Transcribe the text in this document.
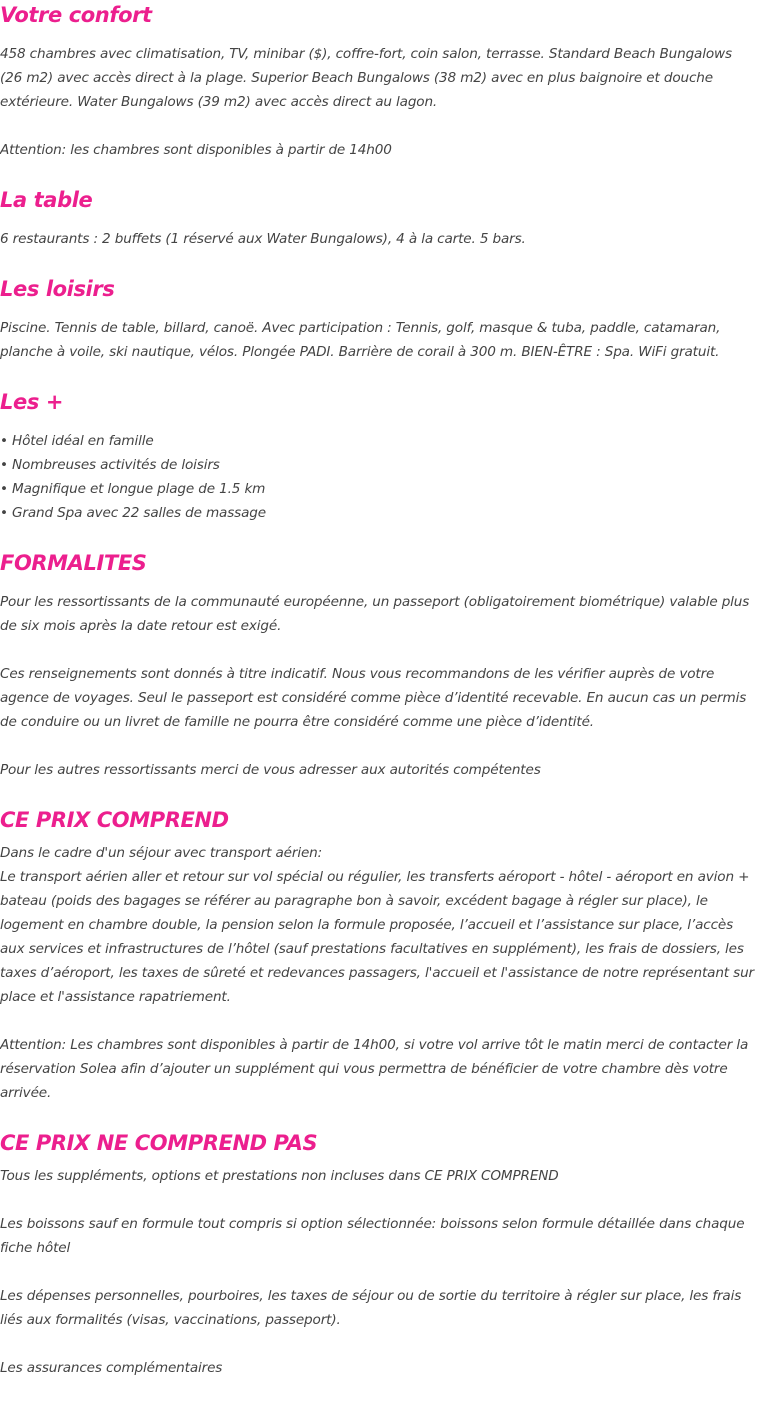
Votre confort

458 chambres avec climatisation, TV, minibar ($), coffre-fort, coin salon, terrasse. Standard Beach Bungalows (26 m2) avec accès direct à la plage. Superior Beach Bungalows (38 m2) avec en plus baignoire et douche extérieure. Water Bungalows (39 m2) avec accès direct au lagon.

Attention: les chambres sont disponibles à partir de 14h00

La table

6 restaurants : 2 buffets (1 réservé aux Water Bungalows), 4 à la carte. 5 bars.

Les loisirs

Piscine. Tennis de table, billard, canoë. Avec participation : Tennis, golf, masque & tuba, paddle, catamaran, planche à voile, ski nautique, vélos. Plongée PADI. Barrière de corail à 300 m. BIEN-ÊTRE : Spa. WiFi gratuit.

Les +

• Hôtel idéal en famille
• Nombreuses activités de loisirs
• Magnifique et longue plage de 1.5 km
• Grand Spa avec 22 salles de massage

FORMALITES

Pour les ressortissants de la communauté européenne, un passeport (obligatoirement biométrique) valable plus de six mois après la date retour est exigé.

Ces renseignements sont donnés à titre indicatif. Nous vous recommandons de les vérifier auprès de votre agence de voyages. Seul le passeport est considéré comme pièce d’identité recevable. En aucun cas un permis de conduire ou un livret de famille ne pourra être considéré comme une pièce d’identité.

Pour les autres ressortissants merci de vous adresser aux autorités compétentes

CE PRIX COMPREND

Dans le cadre d'un séjour avec transport aérien:
Le transport aérien aller et retour sur vol spécial ou régulier, les transferts aéroport - hôtel - aéroport en avion + bateau (poids des bagages se référer au paragraphe bon à savoir, excédent bagage à régler sur place), le logement en chambre double, la pension selon la formule proposée, l’accueil et l’assistance sur place, l’accès aux services et infrastructures de l’hôtel (sauf prestations facultatives en supplément), les frais de dossiers, les taxes d’aéroport, les taxes de sûreté et redevances passagers, l'accueil et l'assistance de notre représentant sur place et l'assistance rapatriement.

Attention: Les chambres sont disponibles à partir de 14h00, si votre vol arrive tôt le matin merci de contacter la réservation Solea afin d’ajouter un supplément qui vous permettra de bénéficier de votre chambre dès votre arrivée.

CE PRIX NE COMPREND PAS

Tous les suppléments, options et prestations non incluses dans CE PRIX COMPREND

Les boissons sauf en formule tout compris si option sélectionnée: boissons selon formule détaillée dans chaque fiche hôtel

Les dépenses personnelles, pourboires, les taxes de séjour ou de sortie du territoire à régler sur place, les frais liés aux formalités (visas, vaccinations, passeport).

Les assurances complémentaires
